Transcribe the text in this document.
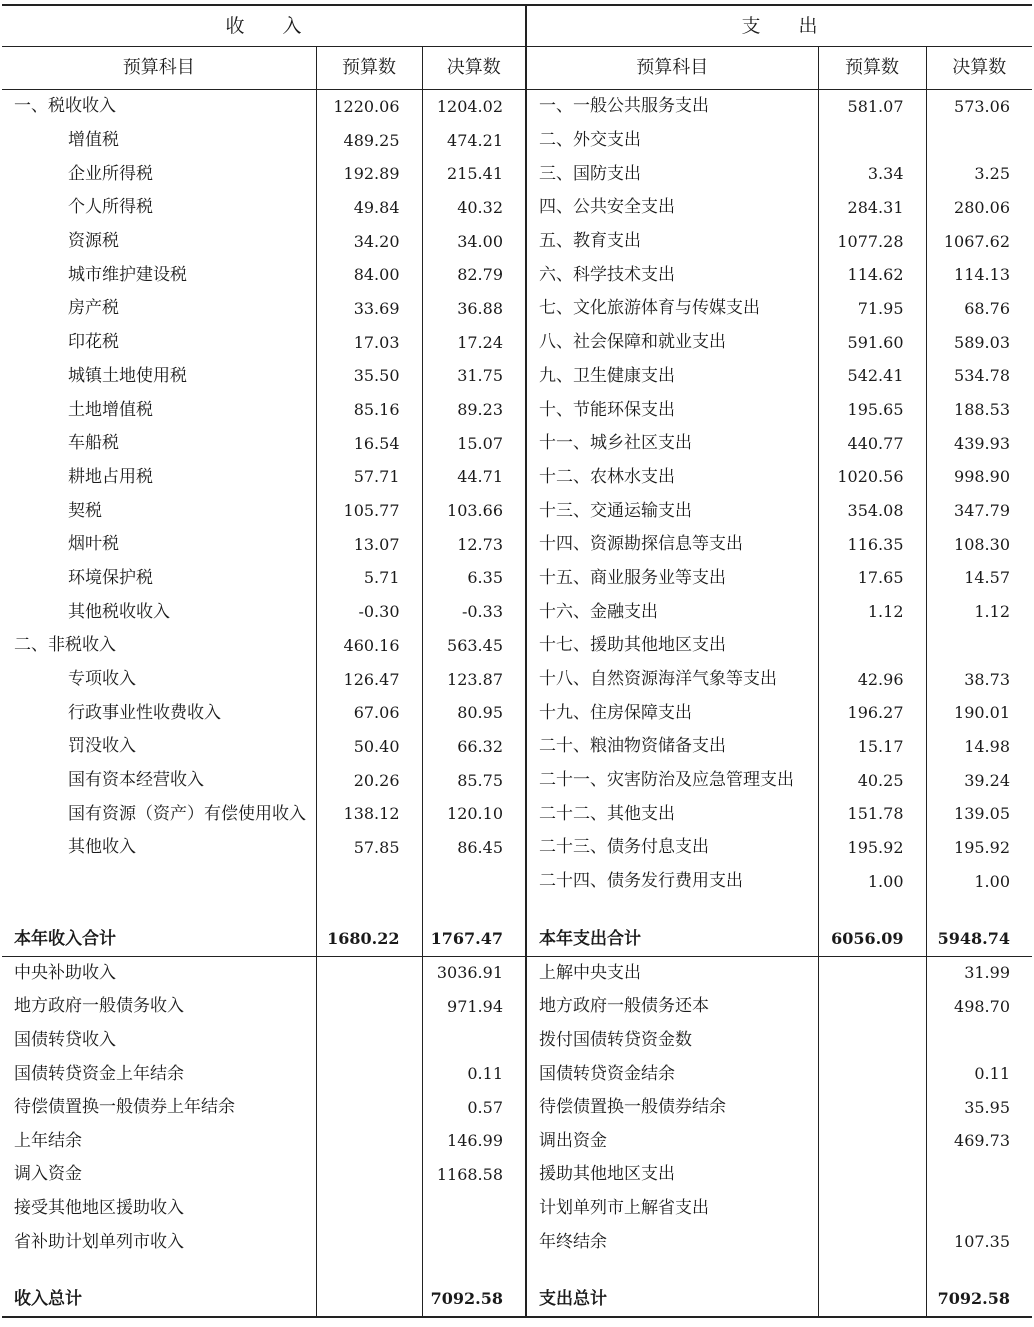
收　　入			支　　出		
预算科目	预算数	决算数	预算科目	预算数	决算数
一、税收收入	1220.06	1204.02	一、一般公共服务支出	581.07	573.06
增值税	489.25	474.21	二、外交支出		
企业所得税	192.89	215.41	三、国防支出	3.34	3.25
个人所得税	49.84	40.32	四、公共安全支出	284.31	280.06
资源税	34.20	34.00	五、教育支出	1077.28	1067.62
城市维护建设税	84.00	82.79	六、科学技术支出	114.62	114.13
房产税	33.69	36.88	七、文化旅游体育与传媒支出	71.95	68.76
印花税	17.03	17.24	八、社会保障和就业支出	591.60	589.03
城镇土地使用税	35.50	31.75	九、卫生健康支出	542.41	534.78
土地增值税	85.16	89.23	十、节能环保支出	195.65	188.53
车船税	16.54	15.07	十一、城乡社区支出	440.77	439.93
耕地占用税	57.71	44.71	十二、农林水支出	1020.56	998.90
契税	105.77	103.66	十三、交通运输支出	354.08	347.79
烟叶税	13.07	12.73	十四、资源勘探信息等支出	116.35	108.30
环境保护税	5.71	6.35	十五、商业服务业等支出	17.65	14.57
其他税收收入	-0.30	-0.33	十六、金融支出	1.12	1.12
二、非税收入	460.16	563.45	十七、援助其他地区支出		
专项收入	126.47	123.87	十八、自然资源海洋气象等支出	42.96	38.73
行政事业性收费收入	67.06	80.95	十九、住房保障支出	196.27	190.01
罚没收入	50.40	66.32	二十、粮油物资储备支出	15.17	14.98
国有资本经营收入	20.26	85.75	二十一、灾害防治及应急管理支出	40.25	39.24
国有资源（资产）有偿使用收入	138.12	120.10	二十二、其他支出	151.78	139.05
其他收入	57.85	86.45	二十三、债务付息支出	195.92	195.92
			二十四、债务发行费用支出	1.00	1.00

本年收入合计	1680.22	1767.47	本年支出合计	6056.09	5948.74
中央补助收入		3036.91	上解中央支出		31.99
地方政府一般债务收入		971.94	地方政府一般债务还本		498.70
国债转贷收入			拨付国债转贷资金数		
国债转贷资金上年结余		0.11	国债转贷资金结余		0.11
待偿债置换一般债券上年结余		0.57	待偿债置换一般债券结余		35.95
上年结余		146.99	调出资金		469.73
调入资金		1168.58	援助其他地区支出		
接受其他地区援助收入			计划单列市上解省支出		
省补助计划单列市收入			年终结余		107.35

收入总计		7092.58	支出总计		7092.58
